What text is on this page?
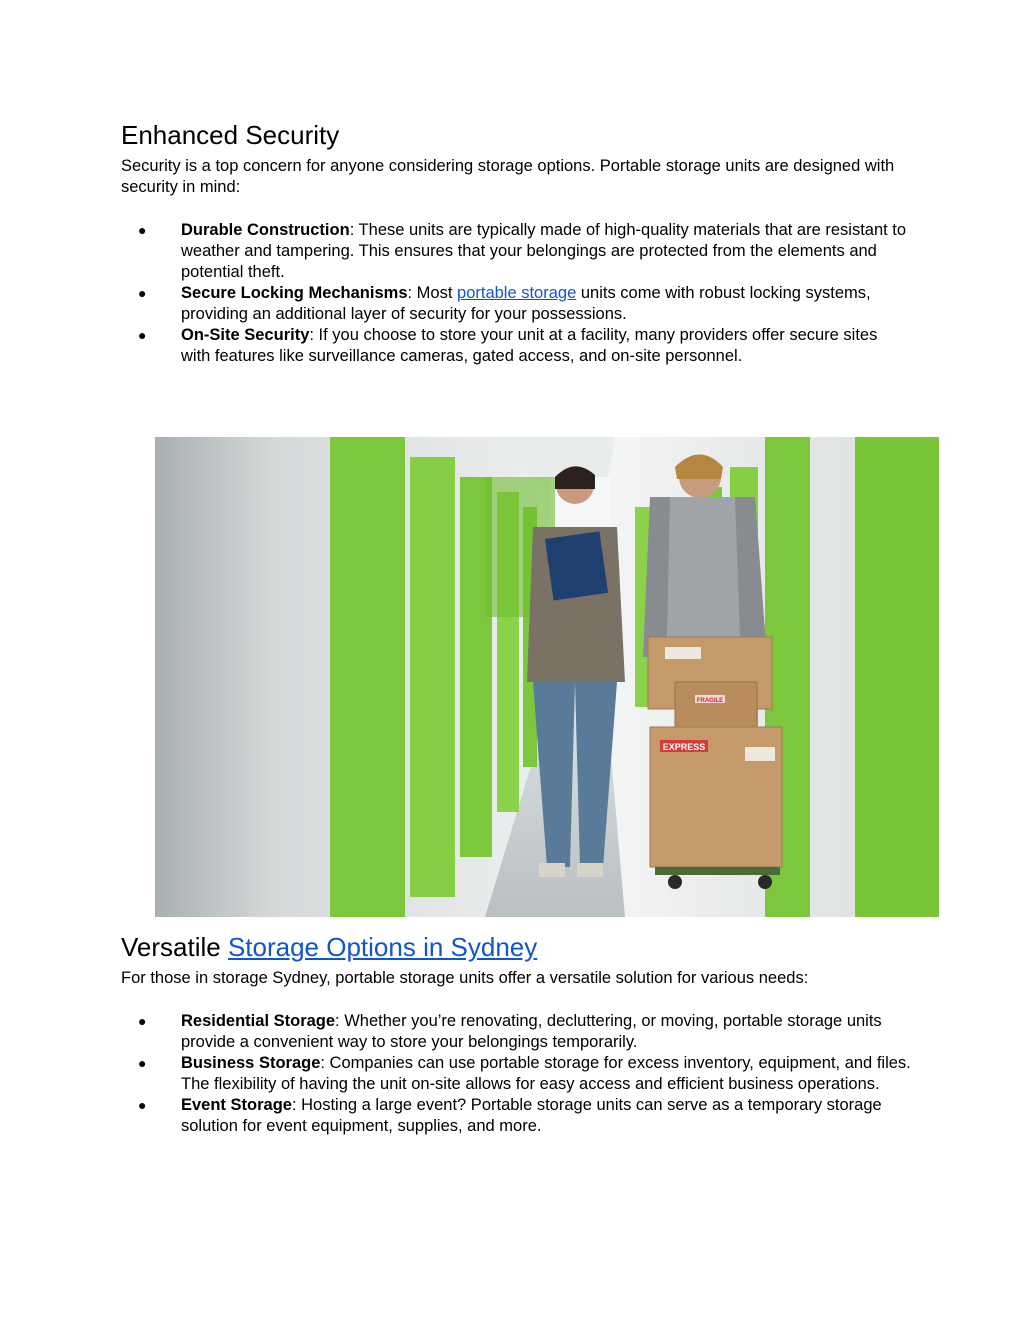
Enhanced Security

Security is a top concern for anyone considering storage options. Portable storage units are designed with security in mind:

● Durable Construction: These units are typically made of high-quality materials that are resistant to weather and tampering. This ensures that your belongings are protected from the elements and potential theft.
● Secure Locking Mechanisms: Most portable storage units come with robust locking systems, providing an additional layer of security for your possessions.
● On-Site Security: If you choose to store your unit at a facility, many providers offer secure sites with features like surveillance cameras, gated access, and on-site personnel.
EXPRESS
FRAGILE
Versatile Storage Options in Sydney

For those in storage Sydney, portable storage units offer a versatile solution for various needs:

● Residential Storage: Whether you’re renovating, decluttering, or moving, portable storage units provide a convenient way to store your belongings temporarily.
● Business Storage: Companies can use portable storage for excess inventory, equipment, and files. The flexibility of having the unit on-site allows for easy access and efficient business operations.
● Event Storage: Hosting a large event? Portable storage units can serve as a temporary storage solution for event equipment, supplies, and more.
